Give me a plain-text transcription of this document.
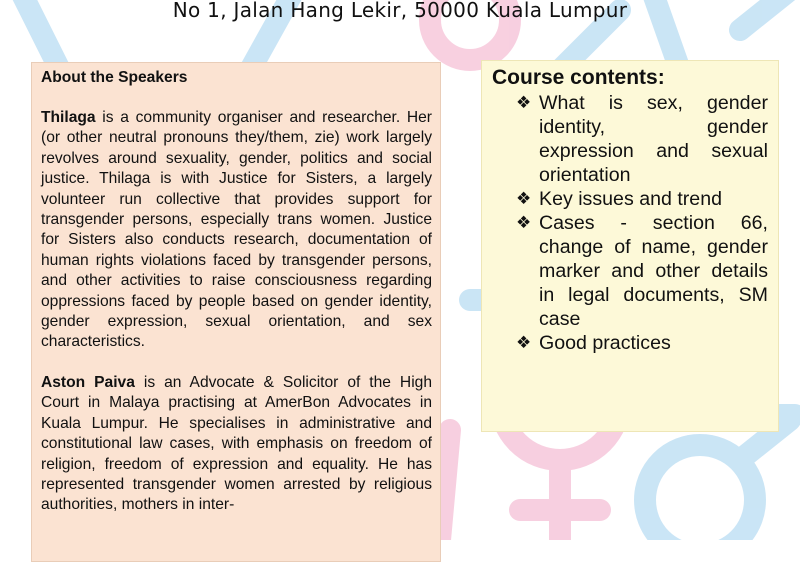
No 1, Jalan Hang Lekir, 50000 Kuala Lumpur

About the Speakers

Thilaga is a community organiser and researcher. Her (or other neutral pronouns they/them, zie) work largely revolves around sexuality, gender, politics and social justice. Thilaga is with Justice for Sisters, a largely volunteer run collective that provides support for transgender persons, especially trans women. Justice for Sisters also conducts research, documentation of human rights violations faced by transgender persons, and other activities to raise consciousness regarding oppressions faced by people based on gender identity, gender expression, sexual orientation, and sex characteristics.

Aston Paiva is an Advocate & Solicitor of the High Court in Malaya practising at AmerBon Advocates in Kuala Lumpur. He specialises in administrative and constitutional law cases, with emphasis on freedom of religion, freedom of expression and equality. He has represented transgender women arrested by religious authorities, mothers in inter-

Course contents:
❖ What is sex, gender identity, gender expression and sexual orientation
❖ Key issues and trend
❖ Cases - section 66, change of name, gender marker and other details in legal documents, SM case
❖ Good practices
